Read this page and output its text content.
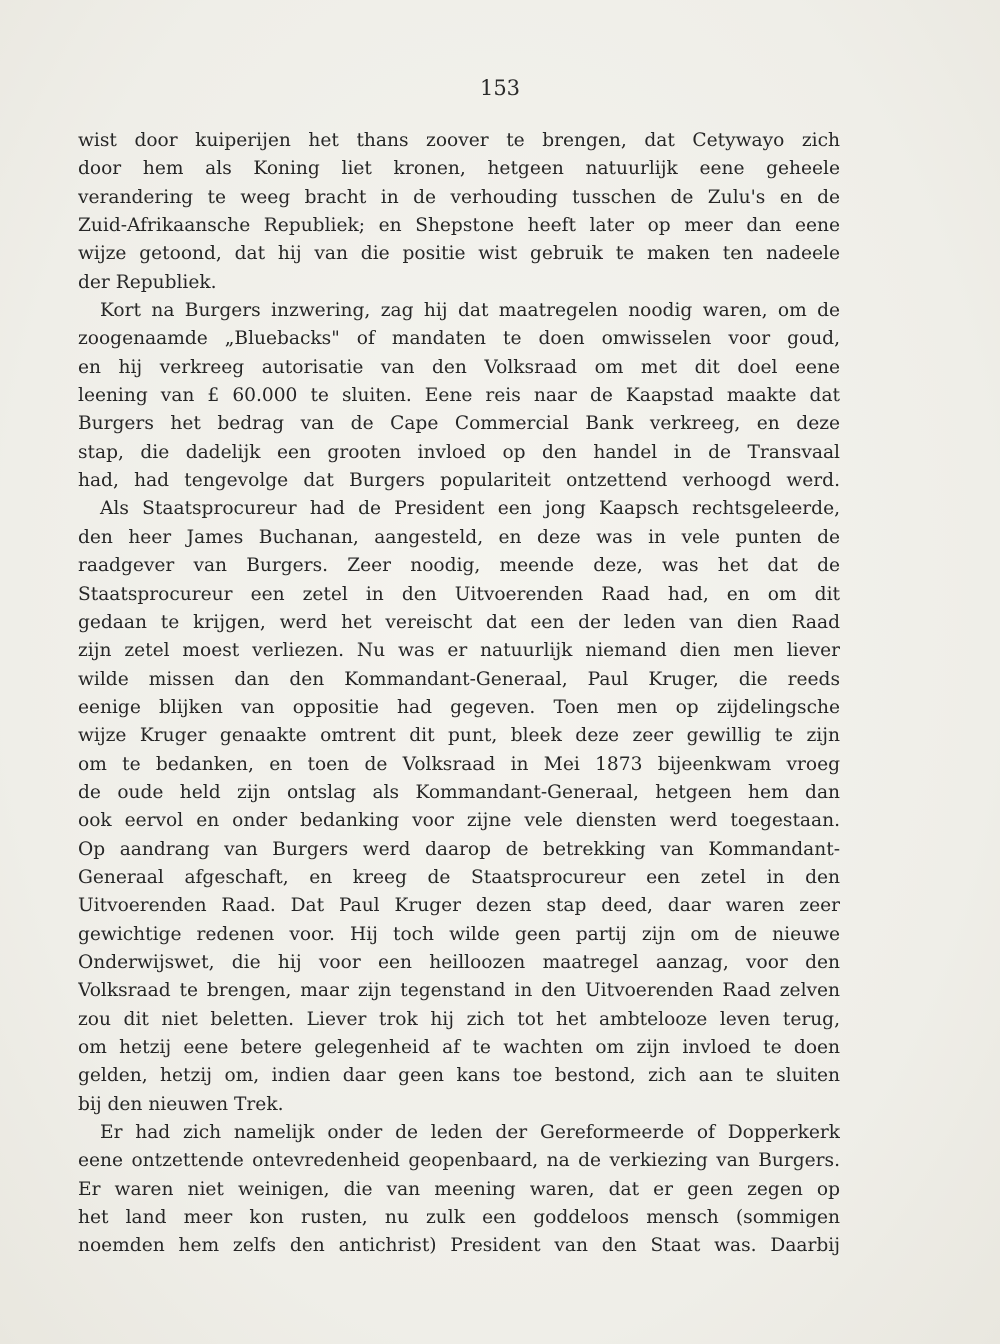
153
wist door kuiperijen het thans zoover te brengen, dat Cetywayo zich
door hem als Koning liet kronen, hetgeen natuurlijk eene geheele
verandering te weeg bracht in de verhouding tusschen de Zulu's en de
Zuid-Afrikaansche Republiek; en Shepstone heeft later op meer dan eene
wijze getoond, dat hij van die positie wist gebruik te maken ten nadeele
der Republiek.
Kort na Burgers inzwering, zag hij dat maatregelen noodig waren, om de
zoogenaamde „Bluebacks" of mandaten te doen omwisselen voor goud,
en hij verkreeg autorisatie van den Volksraad om met dit doel eene
leening van £ 60.000 te sluiten. Eene reis naar de Kaapstad maakte dat
Burgers het bedrag van de Cape Commercial Bank verkreeg, en deze
stap, die dadelijk een grooten invloed op den handel in de Transvaal
had, had tengevolge dat Burgers populariteit ontzettend verhoogd werd.
Als Staatsprocureur had de President een jong Kaapsch rechtsgeleerde,
den heer James Buchanan, aangesteld, en deze was in vele punten de
raadgever van Burgers. Zeer noodig, meende deze, was het dat de
Staatsprocureur een zetel in den Uitvoerenden Raad had, en om dit
gedaan te krijgen, werd het vereischt dat een der leden van dien Raad
zijn zetel moest verliezen. Nu was er natuurlijk niemand dien men liever
wilde missen dan den Kommandant-Generaal, Paul Kruger, die reeds
eenige blijken van oppositie had gegeven. Toen men op zijdelingsche
wijze Kruger genaakte omtrent dit punt, bleek deze zeer gewillig te zijn
om te bedanken, en toen de Volksraad in Mei 1873 bijeenkwam vroeg
de oude held zijn ontslag als Kommandant-Generaal, hetgeen hem dan
ook eervol en onder bedanking voor zijne vele diensten werd toegestaan.
Op aandrang van Burgers werd daarop de betrekking van Kommandant-
Generaal afgeschaft, en kreeg de Staatsprocureur een zetel in den
Uitvoerenden Raad. Dat Paul Kruger dezen stap deed, daar waren zeer
gewichtige redenen voor. Hij toch wilde geen partij zijn om de nieuwe
Onderwijswet, die hij voor een heilloozen maatregel aanzag, voor den
Volksraad te brengen, maar zijn tegenstand in den Uitvoerenden Raad zelven
zou dit niet beletten. Liever trok hij zich tot het ambtelooze leven terug,
om hetzij eene betere gelegenheid af te wachten om zijn invloed te doen
gelden, hetzij om, indien daar geen kans toe bestond, zich aan te sluiten
bij den nieuwen Trek.
Er had zich namelijk onder de leden der Gereformeerde of Dopperkerk
eene ontzettende ontevredenheid geopenbaard, na de verkiezing van Burgers.
Er waren niet weinigen, die van meening waren, dat er geen zegen op
het land meer kon rusten, nu zulk een goddeloos mensch (sommigen
noemden hem zelfs den antichrist) President van den Staat was. Daarbij
